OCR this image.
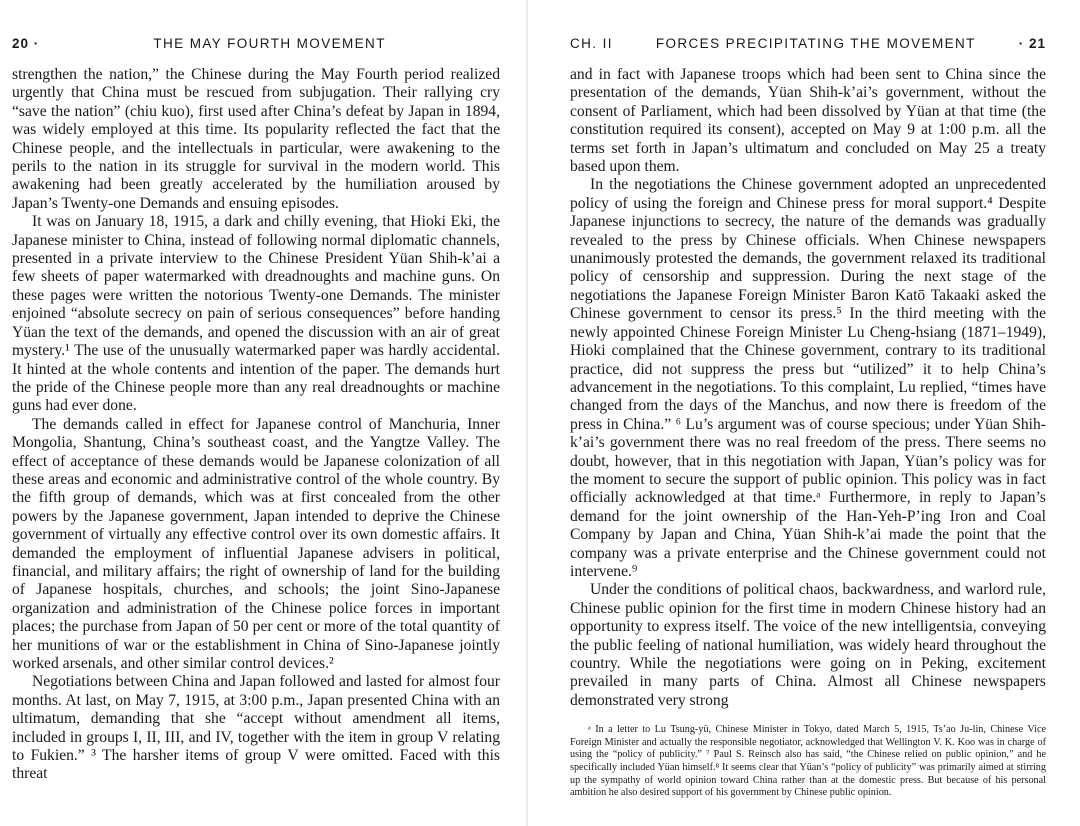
20 ·	THE MAY FOURTH MOVEMENT

strengthen the nation,” the Chinese during the May Fourth period realized urgently that China must be rescued from subjugation. Their rallying cry “save the nation” (chiu kuo), first used after China’s defeat by Japan in 1894, was widely employed at this time. Its popularity reflected the fact that the Chinese people, and the intellectuals in particular, were awakening to the perils to the nation in its struggle for survival in the modern world. This awakening had been greatly accelerated by the humiliation aroused by Japan’s Twenty-one Demands and ensuing episodes.

It was on January 18, 1915, a dark and chilly evening, that Hioki Eki, the Japanese minister to China, instead of following normal diplomatic channels, presented in a private interview to the Chinese President Yüan Shih-k’ai a few sheets of paper watermarked with dreadnoughts and machine guns. On these pages were written the notorious Twenty-one Demands. The minister enjoined “absolute secrecy on pain of serious consequences” before handing Yüan the text of the demands, and opened the discussion with an air of great mystery.¹ The use of the unusually watermarked paper was hardly accidental. It hinted at the whole contents and intention of the paper. The demands hurt the pride of the Chinese people more than any real dreadnoughts or machine guns had ever done.

The demands called in effect for Japanese control of Manchuria, Inner Mongolia, Shantung, China’s southeast coast, and the Yangtze Valley. The effect of acceptance of these demands would be Japanese colonization of all these areas and economic and administrative control of the whole country. By the fifth group of demands, which was at first concealed from the other powers by the Japanese government, Japan intended to deprive the Chinese government of virtually any effective control over its own domestic affairs. It demanded the employment of influential Japanese advisers in political, financial, and military affairs; the right of ownership of land for the building of Japanese hospitals, churches, and schools; the joint Sino-Japanese organization and administration of the Chinese police forces in important places; the purchase from Japan of 50 per cent or more of the total quantity of her munitions of war or the establishment in China of Sino-Japanese jointly worked arsenals, and other similar control devices.²

Negotiations between China and Japan followed and lasted for almost four months. At last, on May 7, 1915, at 3:00 p.m., Japan presented China with an ultimatum, demanding that she “accept without amendment all items, included in groups I, II, III, and IV, together with the item in group V relating to Fukien.” ³ The harsher items of group V were omitted. Faced with this threat

CH. II	FORCES PRECIPITATING THE MOVEMENT	· 21

and in fact with Japanese troops which had been sent to China since the presentation of the demands, Yüan Shih-k’ai’s government, without the consent of Parliament, which had been dissolved by Yüan at that time (the constitution required its consent), accepted on May 9 at 1:00 p.m. all the terms set forth in Japan’s ultimatum and concluded on May 25 a treaty based upon them.

In the negotiations the Chinese government adopted an unprecedented policy of using the foreign and Chinese press for moral support.⁴ Despite Japanese injunctions to secrecy, the nature of the demands was gradually revealed to the press by Chinese officials. When Chinese newspapers unanimously protested the demands, the government relaxed its traditional policy of censorship and suppression. During the next stage of the negotiations the Japanese Foreign Minister Baron Katō Takaaki asked the Chinese government to censor its press.⁵ In the third meeting with the newly appointed Chinese Foreign Minister Lu Cheng-hsiang (1871–1949), Hioki complained that the Chinese government, contrary to its traditional practice, did not suppress the press but “utilized” it to help China’s advancement in the negotiations. To this complaint, Lu replied, “times have changed from the days of the Manchus, and now there is freedom of the press in China.” ⁶ Lu’s argument was of course specious; under Yüan Shih-k’ai’s government there was no real freedom of the press. There seems no doubt, however, that in this negotiation with Japan, Yüan’s policy was for the moment to secure the support of public opinion. This policy was in fact officially acknowledged at that time.ᵃ Furthermore, in reply to Japan’s demand for the joint ownership of the Han-Yeh-P’ing Iron and Coal Company by Japan and China, Yüan Shih-k’ai made the point that the company was a private enterprise and the Chinese government could not intervene.⁹

Under the conditions of political chaos, backwardness, and warlord rule, Chinese public opinion for the first time in modern Chinese history had an opportunity to express itself. The voice of the new intelligentsia, conveying the public feeling of national humiliation, was widely heard throughout the country. While the negotiations were going on in Peking, excitement prevailed in many parts of China. Almost all Chinese newspapers demonstrated very strong

ᵃ In a letter to Lu Tsung-yü, Chinese Minister in Tokyo, dated March 5, 1915, Ts’ao Ju-lin, Chinese Vice Foreign Minister and actually the responsible negotiator, acknowledged that Wellington V. K. Koo was in charge of using the “policy of publicity.” ⁷ Paul S. Reinsch also has said, “the Chinese relied on public opinion,” and he specifically included Yüan himself.⁸ It seems clear that Yüan’s “policy of publicity” was primarily aimed at stirring up the sympathy of world opinion toward China rather than at the domestic press. But because of his personal ambition he also desired support of his government by Chinese public opinion.
